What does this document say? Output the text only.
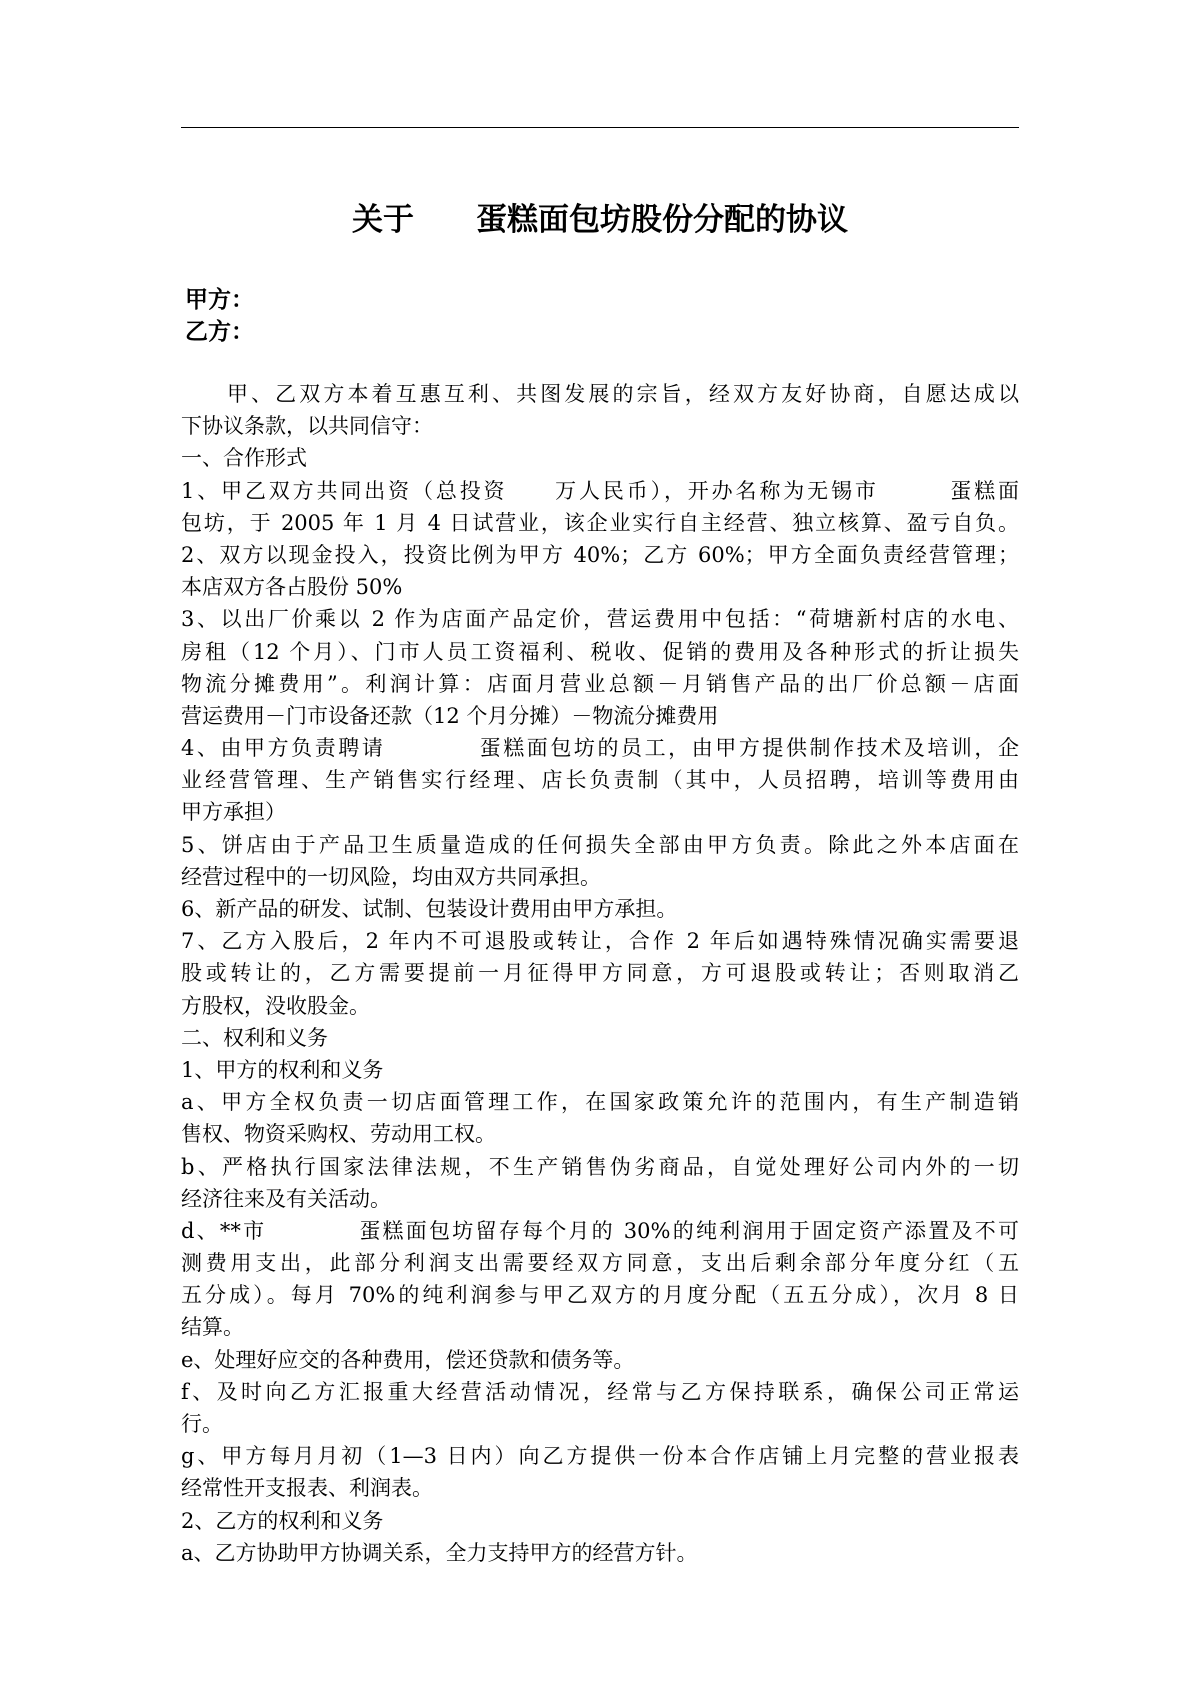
关于　　蛋糕面包坊股份分配的协议
甲方：
乙方：
甲、乙双方本着互惠互利、共图发展的宗旨，经双方友好协商，自愿达成以
下协议条款，以共同信守：
一、合作形式
1、甲乙双方共同出资（总投资　　万人民币），开办名称为无锡市　　　蛋糕面
包坊，于 2005 年 1 月 4 日试营业，该企业实行自主经营、独立核算、盈亏自负。
2、双方以现金投入，投资比例为甲方 40%；乙方 60%；甲方全面负责经营管理；
本店双方各占股份 50%
3、以出厂价乘以 2 作为店面产品定价，营运费用中包括：“荷塘新村店的水电、
房租（12 个月）、门市人员工资福利、税收、促销的费用及各种形式的折让损失
物流分摊费用”。利润计算：店面月营业总额－月销售产品的出厂价总额－店面
营运费用－门市设备还款（12 个月分摊）－物流分摊费用
4、由甲方负责聘请　　　　蛋糕面包坊的员工，由甲方提供制作技术及培训，企
业经营管理、生产销售实行经理、店长负责制（其中，人员招聘，培训等费用由
甲方承担）
5、饼店由于产品卫生质量造成的任何损失全部由甲方负责。除此之外本店面在
经营过程中的一切风险，均由双方共同承担。
6、新产品的研发、试制、包装设计费用由甲方承担。
7、乙方入股后，2 年内不可退股或转让，合作 2 年后如遇特殊情况确实需要退
股或转让的，乙方需要提前一月征得甲方同意，方可退股或转让；否则取消乙
方股权，没收股金。
二、权利和义务
1、甲方的权利和义务
a、甲方全权负责一切店面管理工作，在国家政策允许的范围内，有生产制造销
售权、物资采购权、劳动用工权。
b、严格执行国家法律法规，不生产销售伪劣商品，自觉处理好公司内外的一切
经济往来及有关活动。
d、**市　　　　蛋糕面包坊留存每个月的 30%的纯利润用于固定资产添置及不可
测费用支出，此部分利润支出需要经双方同意，支出后剩余部分年度分红（五
五分成）。每月 70%的纯利润参与甲乙双方的月度分配（五五分成），次月 8 日
结算。
e、处理好应交的各种费用，偿还贷款和债务等。
f、及时向乙方汇报重大经营活动情况，经常与乙方保持联系，确保公司正常运
行。
g、甲方每月月初（1—3 日内）向乙方提供一份本合作店铺上月完整的营业报表
经常性开支报表、利润表。
2、乙方的权利和义务
a、乙方协助甲方协调关系，全力支持甲方的经营方针。
